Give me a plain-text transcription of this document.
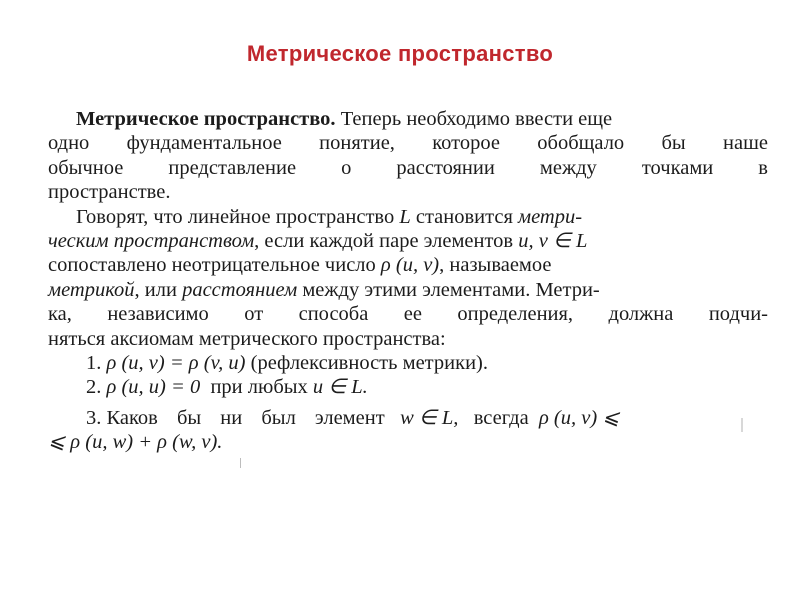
Метрическое пространство
Метрическое пространство. Теперь необходимо ввести еще
одно фундаментальное понятие, которое обобщало бы наше
обычное представление о расстоянии между точками в
пространстве.
Говорят, что линейное пространство L становится метри-
ческим пространством, если каждой паре элементов u, v ∈ L
сопоставлено неотрицательное число ρ (u, v), называемое
метрикой, или расстоянием между этими элементами. Метри-
ка, независимо от способа ее определения, должна подчи-
няться аксиомам метрического пространства:
1. ρ (u, v) = ρ (v, u) (рефлексивность метрики).
2. ρ (u, u) = 0 при любых u ∈ L.
3. Каков бы ни был элемент w ∈ L, всегда ρ (u, v) ⩽
⩽ ρ (u, w) + ρ (w, v).
